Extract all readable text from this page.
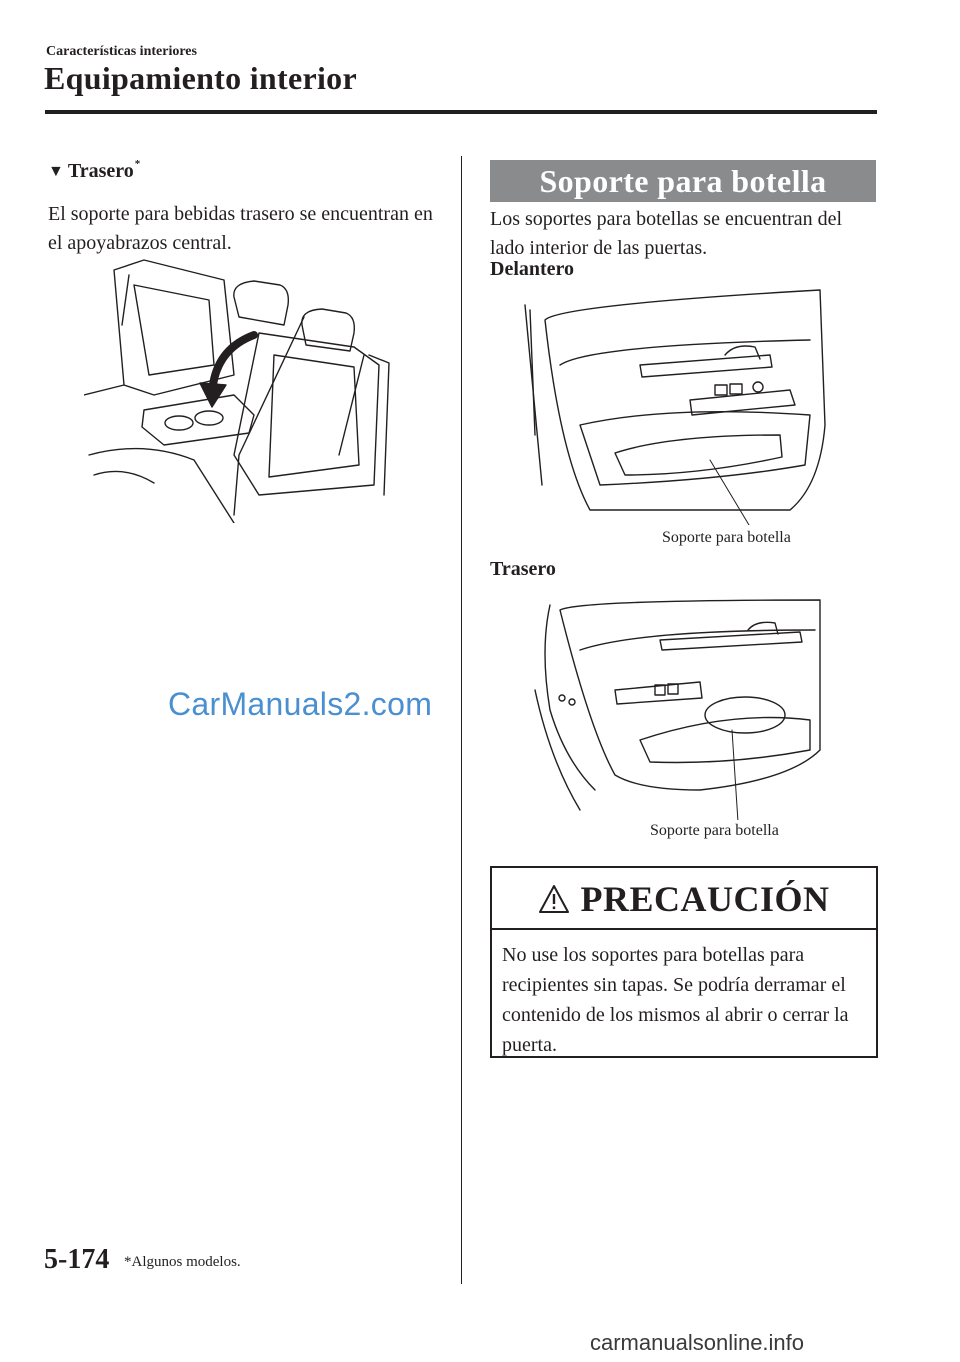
Características interiores
Equipamiento interior
▼ Trasero *
El soporte para bebidas trasero se encuentran en el apoyabrazos central.
CarManuals2.com
Soporte para botella
Los soportes para botellas se encuentran del lado interior de las puertas.
Delantero
Soporte para botella
Trasero
Soporte para botella
PRECAUCIÓN
No use los soportes para botellas para recipientes sin tapas. Se podría derramar el contenido de los mismos al abrir o cerrar la puerta.
5-174 *Algunos modelos.
carmanualsonline.info
